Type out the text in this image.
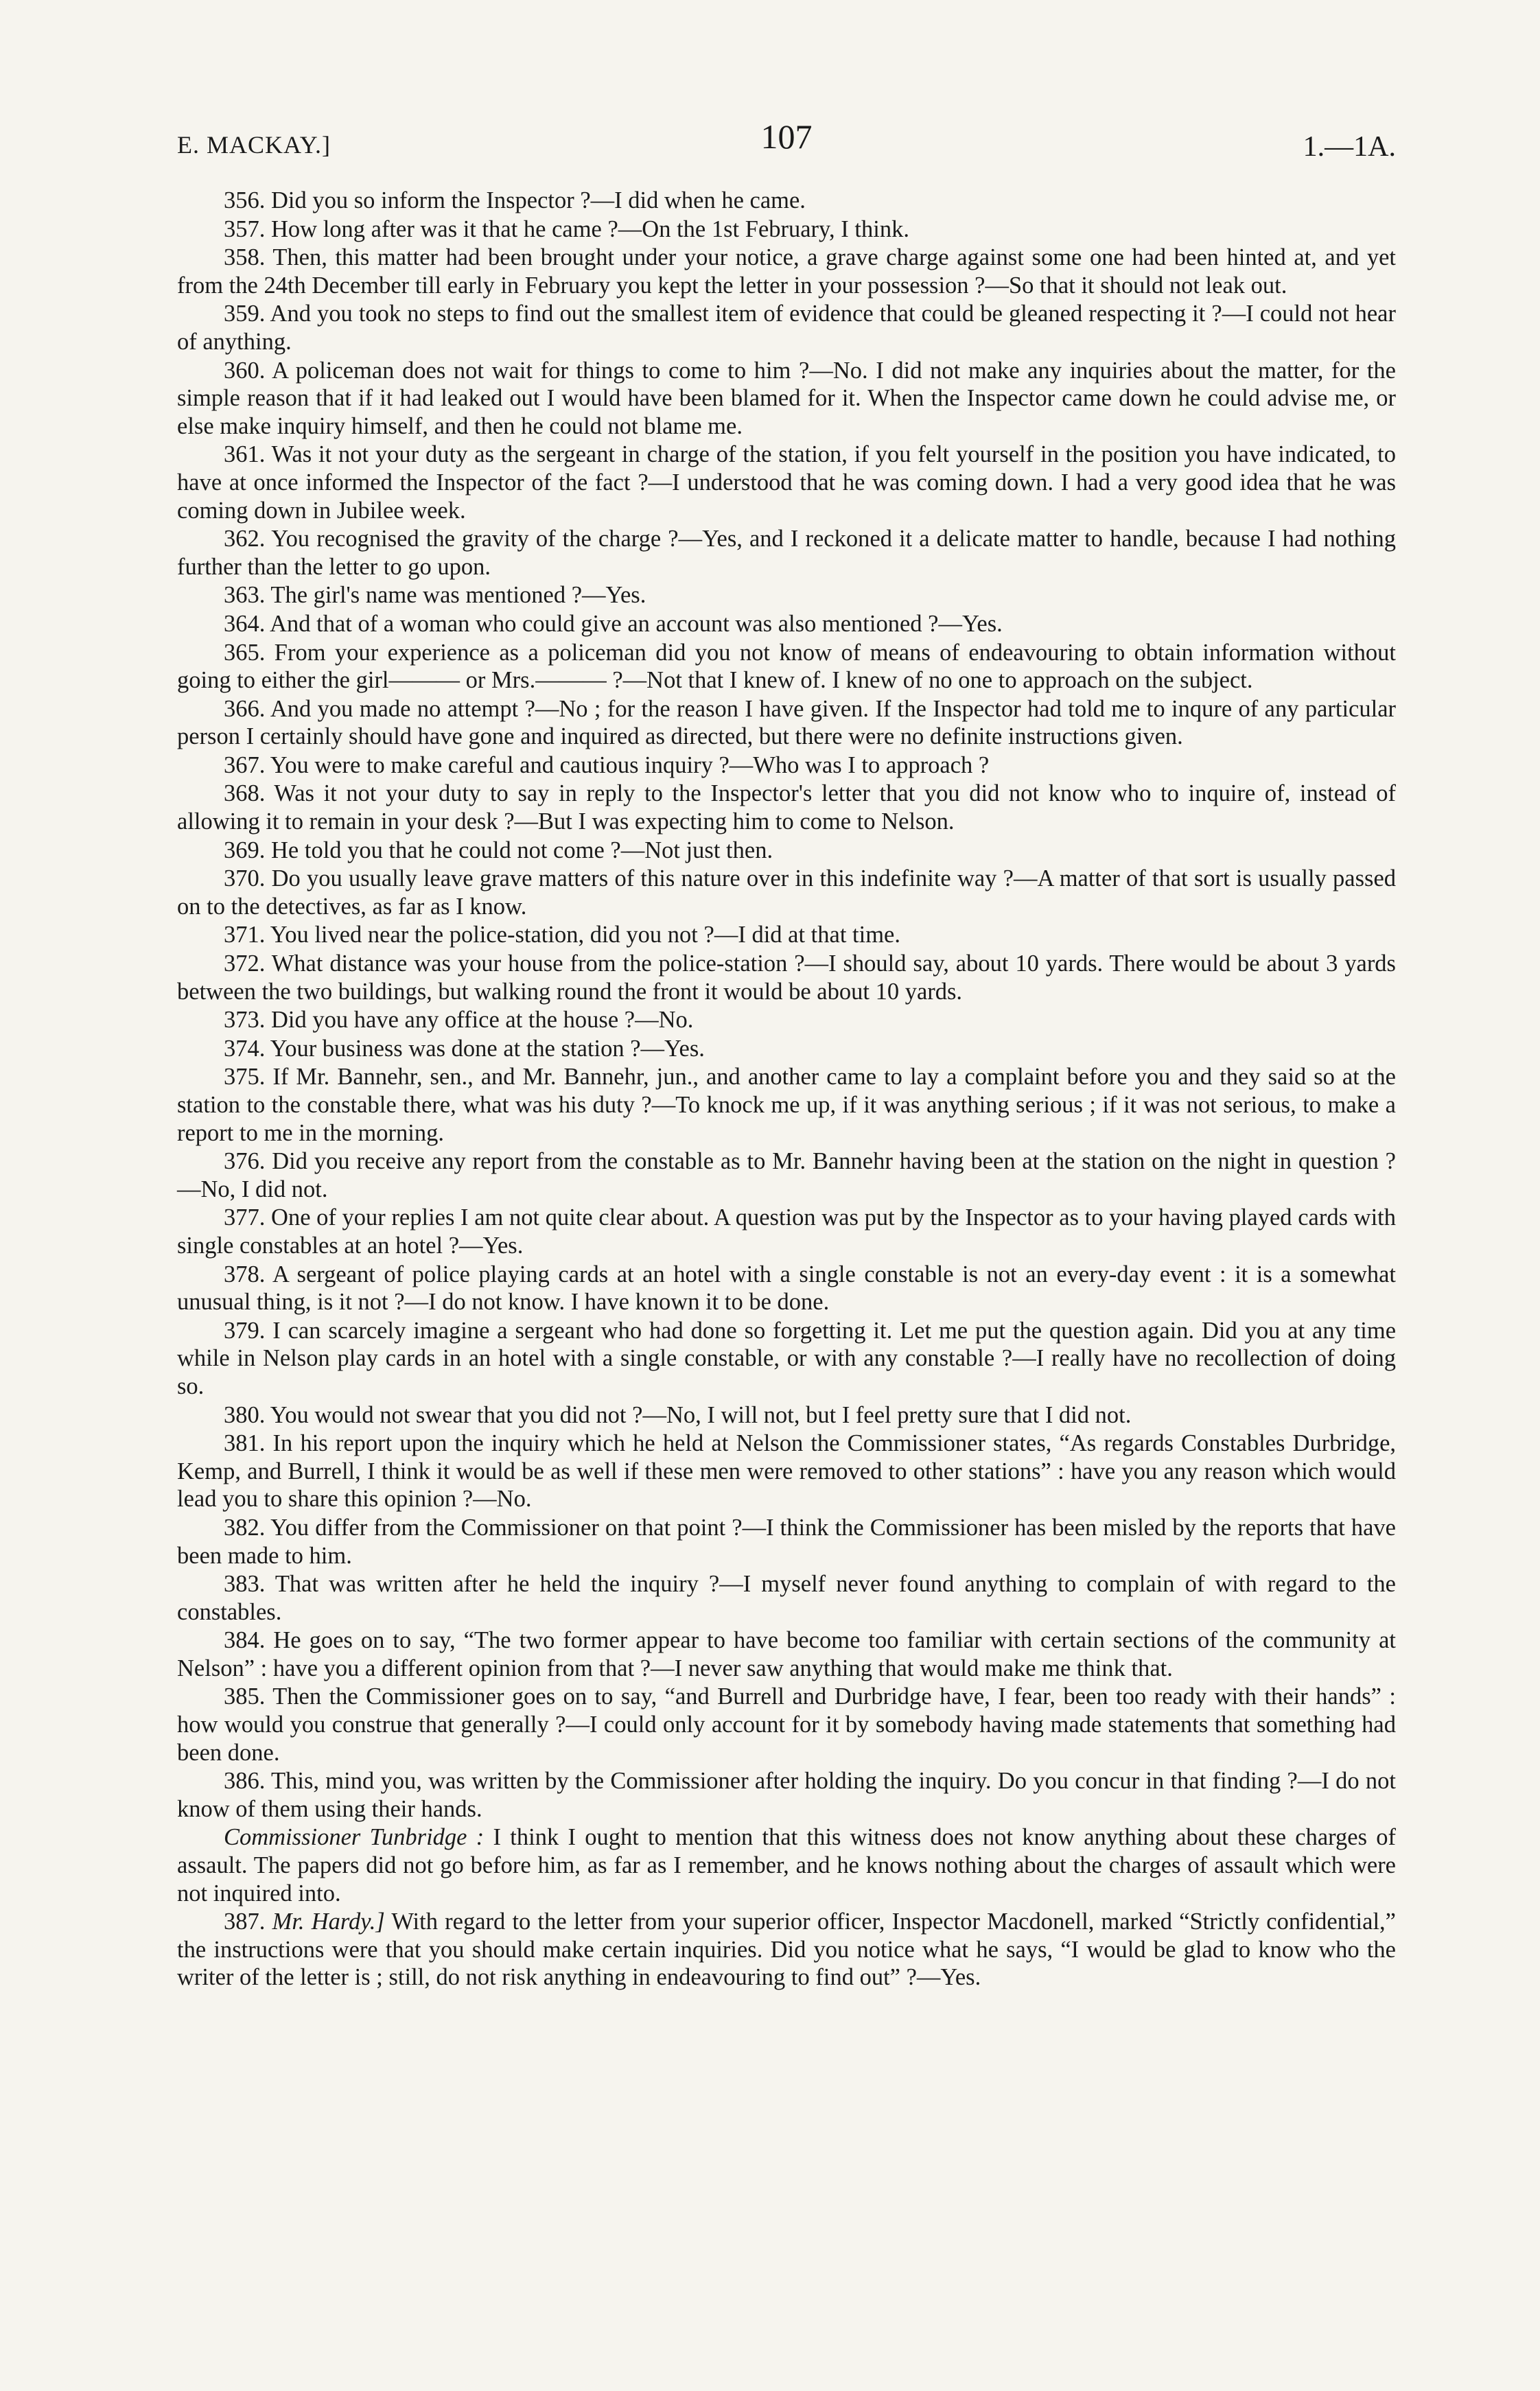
E. MACKAY.]	107	1.—1A.

356. Did you so inform the Inspector ?—I did when he came.

357. How long after was it that he came ?—On the 1st February, I think.

358. Then, this matter had been brought under your notice, a grave charge against some one had been hinted at, and yet from the 24th December till early in February you kept the letter in your possession ?—So that it should not leak out.

359. And you took no steps to find out the smallest item of evidence that could be gleaned respecting it ?—I could not hear of anything.

360. A policeman does not wait for things to come to him ?—No. I did not make any inquiries about the matter, for the simple reason that if it had leaked out I would have been blamed for it. When the Inspector came down he could advise me, or else make inquiry himself, and then he could not blame me.

361. Was it not your duty as the sergeant in charge of the station, if you felt yourself in the position you have indicated, to have at once informed the Inspector of the fact ?—I understood that he was coming down. I had a very good idea that he was coming down in Jubilee week.

362. You recognised the gravity of the charge ?—Yes, and I reckoned it a delicate matter to handle, because I had nothing further than the letter to go upon.

363. The girl's name was mentioned ?—Yes.

364. And that of a woman who could give an account was also mentioned ?—Yes.

365. From your experience as a policeman did you not know of means of endeavouring to obtain information without going to either the girl——— or Mrs.——— ?—Not that I knew of. I knew of no one to approach on the subject.

366. And you made no attempt ?—No ; for the reason I have given. If the Inspector had told me to inqure of any particular person I certainly should have gone and inquired as directed, but there were no definite instructions given.

367. You were to make careful and cautious inquiry ?—Who was I to approach ?

368. Was it not your duty to say in reply to the Inspector's letter that you did not know who to inquire of, instead of allowing it to remain in your desk ?—But I was expecting him to come to Nelson.

369. He told you that he could not come ?—Not just then.

370. Do you usually leave grave matters of this nature over in this indefinite way ?—A matter of that sort is usually passed on to the detectives, as far as I know.

371. You lived near the police-station, did you not ?—I did at that time.

372. What distance was your house from the police-station ?—I should say, about 10 yards. There would be about 3 yards between the two buildings, but walking round the front it would be about 10 yards.

373. Did you have any office at the house ?—No.

374. Your business was done at the station ?—Yes.

375. If Mr. Bannehr, sen., and Mr. Bannehr, jun., and another came to lay a complaint before you and they said so at the station to the constable there, what was his duty ?—To knock me up, if it was anything serious ; if it was not serious, to make a report to me in the morning.

376. Did you receive any report from the constable as to Mr. Bannehr having been at the station on the night in question ?—No, I did not.

377. One of your replies I am not quite clear about. A question was put by the Inspector as to your having played cards with single constables at an hotel ?—Yes.

378. A sergeant of police playing cards at an hotel with a single constable is not an every-day event : it is a somewhat unusual thing, is it not ?—I do not know. I have known it to be done.

379. I can scarcely imagine a sergeant who had done so forgetting it. Let me put the question again. Did you at any time while in Nelson play cards in an hotel with a single constable, or with any constable ?—I really have no recollection of doing so.

380. You would not swear that you did not ?—No, I will not, but I feel pretty sure that I did not.

381. In his report upon the inquiry which he held at Nelson the Commissioner states, “As regards Constables Durbridge, Kemp, and Burrell, I think it would be as well if these men were removed to other stations” : have you any reason which would lead you to share this opinion ?—No.

382. You differ from the Commissioner on that point ?—I think the Commissioner has been misled by the reports that have been made to him.

383. That was written after he held the inquiry ?—I myself never found anything to complain of with regard to the constables.

384. He goes on to say, “The two former appear to have become too familiar with certain sections of the community at Nelson” : have you a different opinion from that ?—I never saw anything that would make me think that.

385. Then the Commissioner goes on to say, “and Burrell and Durbridge have, I fear, been too ready with their hands” : how would you construe that generally ?—I could only account for it by somebody having made statements that something had been done.

386. This, mind you, was written by the Commissioner after holding the inquiry. Do you concur in that finding ?—I do not know of them using their hands.

Commissioner Tunbridge : I think I ought to mention that this witness does not know anything about these charges of assault. The papers did not go before him, as far as I remember, and he knows nothing about the charges of assault which were not inquired into.

387. Mr. Hardy.] With regard to the letter from your superior officer, Inspector Macdonell, marked “Strictly confidential,” the instructions were that you should make certain inquiries. Did you notice what he says, “I would be glad to know who the writer of the letter is ; still, do not risk anything in endeavouring to find out” ?—Yes.
